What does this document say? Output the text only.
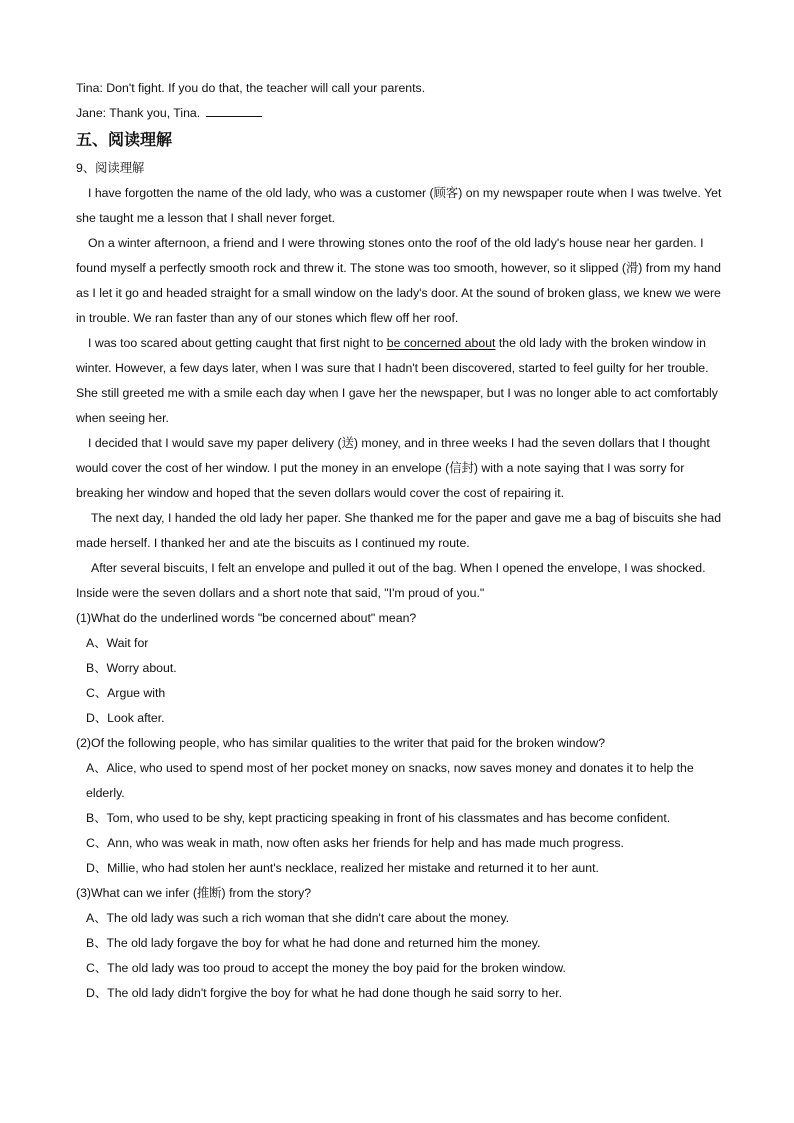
Tina: Don't fight. If you do that, the teacher will call your parents.
Jane: Thank you, Tina.
五、阅读理解
9、阅读理解
I have forgotten the name of the old lady, who was a customer (顾客) on my newspaper route when I was twelve. Yet she taught me a lesson that I shall never forget.
On a winter afternoon, a friend and I were throwing stones onto the roof of the old lady's house near her garden. I found myself a perfectly smooth rock and threw it. The stone was too smooth, however, so it slipped (滑) from my hand as I let it go and headed straight for a small window on the lady's door. At the sound of broken glass, we knew we were in trouble. We ran faster than any of our stones which flew off her roof.
I was too scared about getting caught that first night to be concerned about the old lady with the broken window in winter. However, a few days later, when I was sure that I hadn't been discovered, started to feel guilty for her trouble. She still greeted me with a smile each day when I gave her the newspaper, but I was no longer able to act comfortably when seeing her.
I decided that I would save my paper delivery (送) money, and in three weeks I had the seven dollars that I thought would cover the cost of her window. I put the money in an envelope (信封) with a note saying that I was sorry for breaking her window and hoped that the seven dollars would cover the cost of repairing it.
The next day, I handed the old lady her paper. She thanked me for the paper and gave me a bag of biscuits she had made herself. I thanked her and ate the biscuits as I continued my route.
After several biscuits, I felt an envelope and pulled it out of the bag. When I opened the envelope, I was shocked. Inside were the seven dollars and a short note that said, "I'm proud of you."
(1)What do the underlined words "be concerned about" mean?
A、Wait for
B、Worry about.
C、Argue with
D、Look after.
(2)Of the following people, who has similar qualities to the writer that paid for the broken window?
A、Alice, who used to spend most of her pocket money on snacks, now saves money and donates it to help the elderly.
B、Tom, who used to be shy, kept practicing speaking in front of his classmates and has become confident.
C、Ann, who was weak in math, now often asks her friends for help and has made much progress.
D、Millie, who had stolen her aunt's necklace, realized her mistake and returned it to her aunt.
(3)What can we infer (推断) from the story?
A、The old lady was such a rich woman that she didn't care about the money.
B、The old lady forgave the boy for what he had done and returned him the money.
C、The old lady was too proud to accept the money the boy paid for the broken window.
D、The old lady didn't forgive the boy for what he had done though he said sorry to her.
